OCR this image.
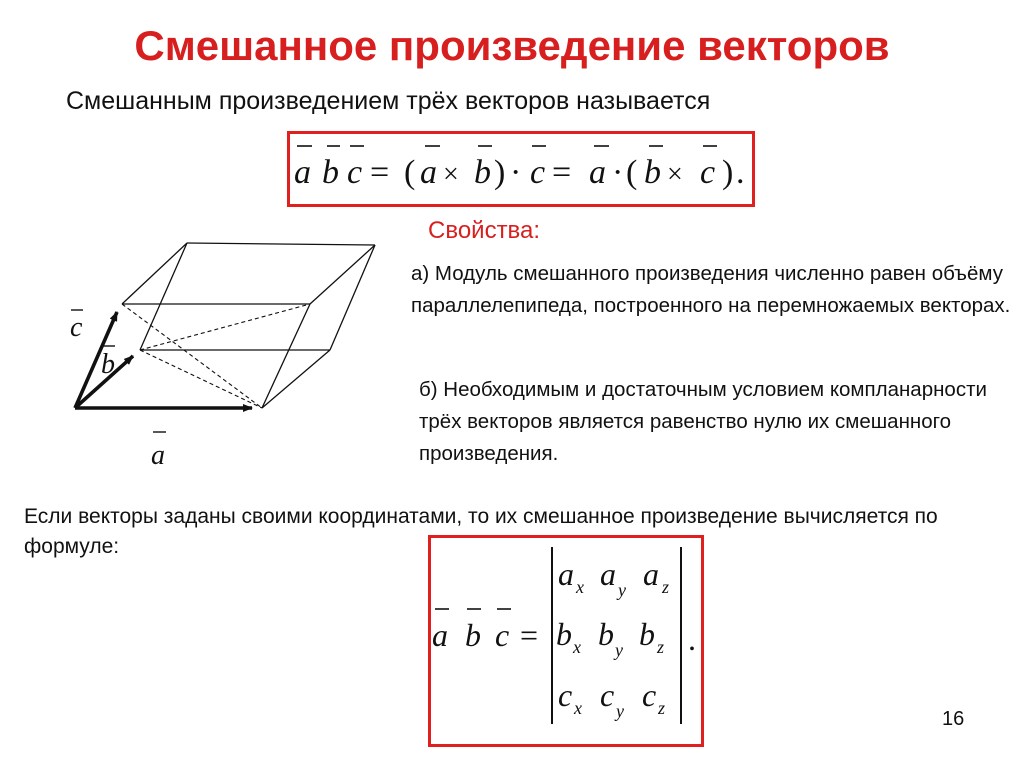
Смешанное произведение векторов
Смешанным произведением трёх векторов называется
a b c = ( a × b ) · c = a · ( b × c ) .
Свойства:
c
b
a
а) Модуль смешанного произведения численно равен объёму параллелепипеда, построенного на перемножаемых векторах.
б) Необходимым и достаточным условием компланарности трёх векторов является равенство нулю их смешанного произведения.
Если векторы заданы своими координатами, то их смешанное произведение вычисляется по формуле:
a b c =	.
a a a
b b b
c c c
x y z
x y z
x y z	16
